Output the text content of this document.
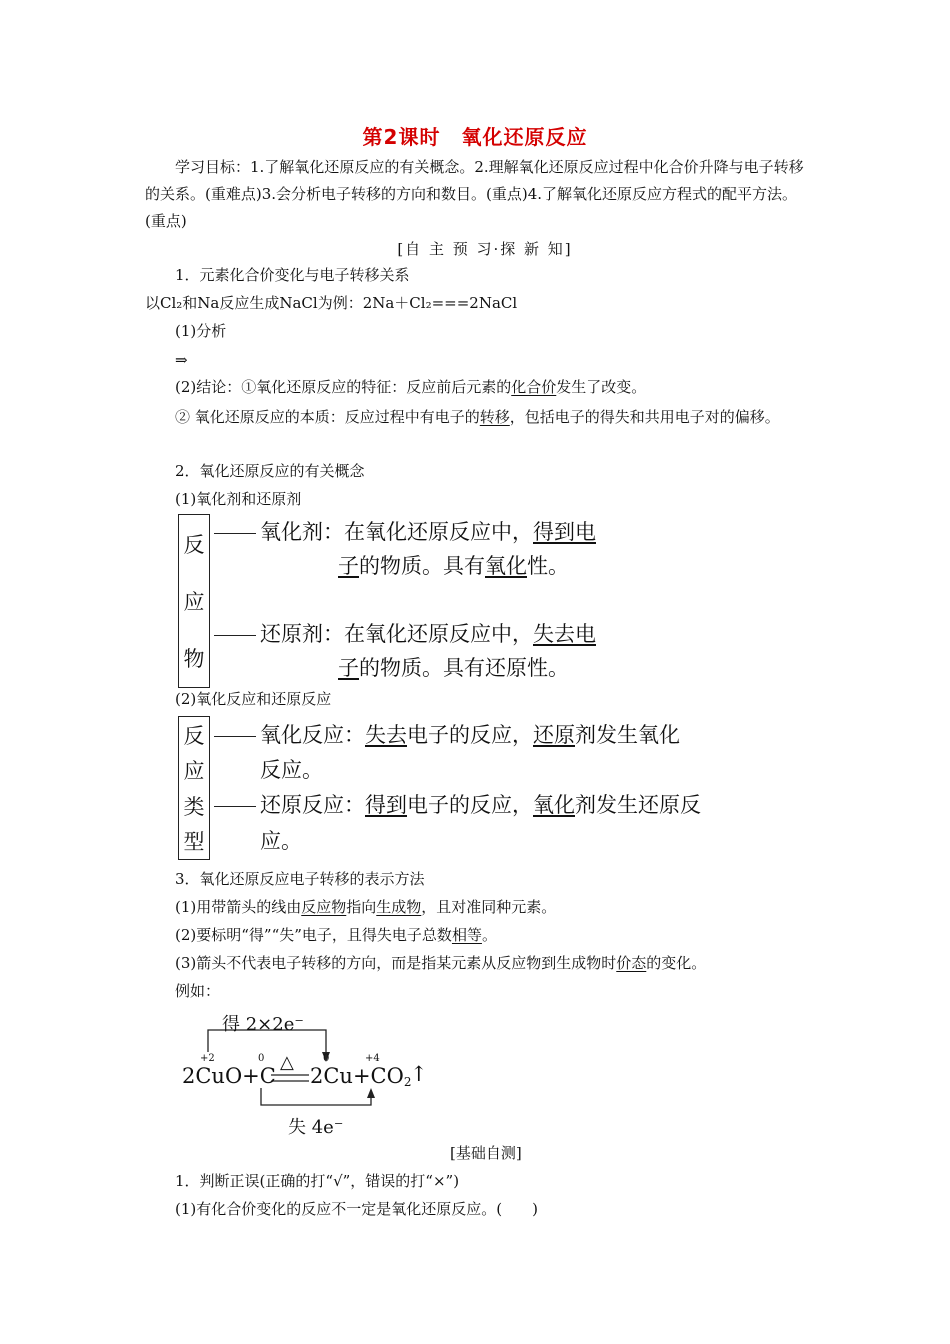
第2课时　氧化还原反应
学习目标：1.了解氧化还原反应的有关概念。2.理解氧化还原反应过程中化合价升降与电子转移的关系。(重难点)3.会分析电子转移的方向和数目。(重点)4.了解氧化还原反应方程式的配平方法。(重点)
[自 主 预 习·探 新 知]
1．元素化合价变化与电子转移关系
以Cl₂和Na反应生成NaCl为例：2Na＋Cl₂===2NaCl
(1)分析
⇒
(2)结论：①氧化还原反应的特征：反应前后元素的化合价发生了改变。
② 氧化还原反应的本质：反应过程中有电子的转移，包括电子的得失和共用电子对的偏移。
2．氧化还原反应的有关概念
(1)氧化剂和还原剂
反
应
物
氧化剂：在氧化还原反应中，得到电
子的物质。具有氧化性。
还原剂：在氧化还原反应中，失去电
子的物质。具有还原性。
(2)氧化反应和还原反应
反
应
类
型
氧化反应：失去电子的反应，还原剂发生氧化
反应。
还原反应：得到电子的反应，氧化剂发生还原反
应。
3．氧化还原反应电子转移的表示方法
(1)用带箭头的线由反应物指向生成物，且对准同种元素。
(2)要标明“得”“失”电子，且得失电子总数相等。
(3)箭头不代表电子转移的方向，而是指某元素从反应物到生成物时价态的变化。
例如：
得 2×2e⁻
△
+2	0	0	+4
2CuO+C $2Cu+CO_2$
↑
失 4e⁻
[基础自测]
1．判断正误(正确的打“√”，错误的打“×”)
(1)有化合价变化的反应不一定是氧化还原反应。(　　)
